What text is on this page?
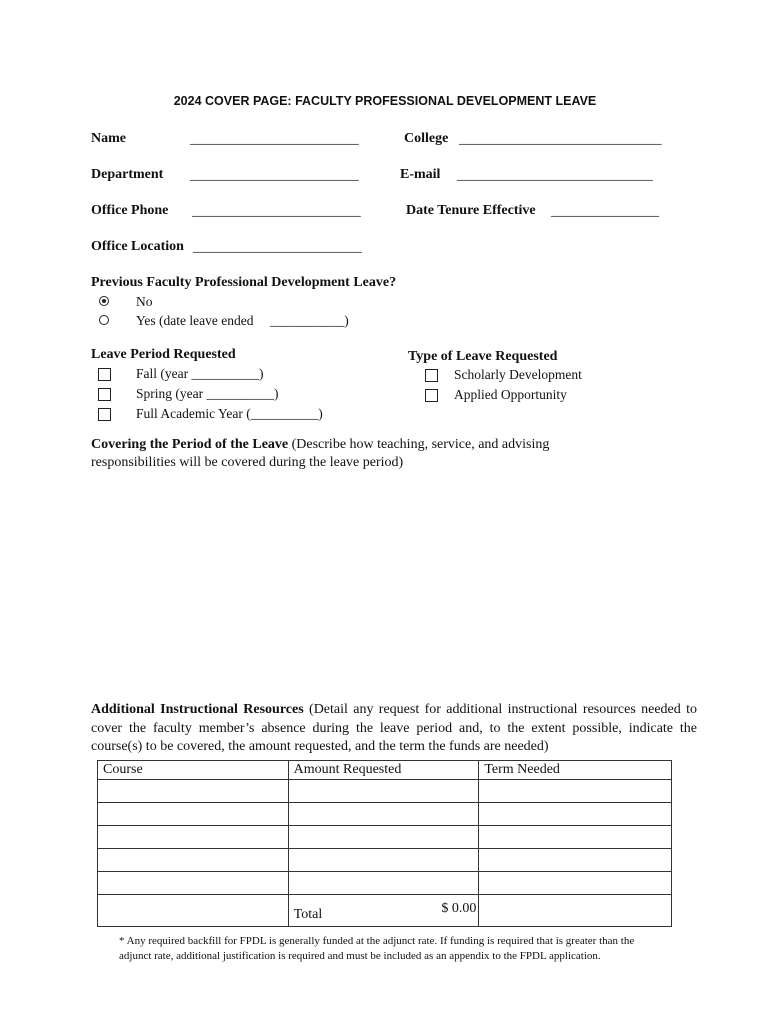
2024 COVER PAGE: FACULTY PROFESSIONAL DEVELOPMENT LEAVE
Name	_________________________	College ______________________________
Department _________________________	E-mail _____________________________
Office Phone _________________________	Date Tenure Effective ________________
Office Location _________________________
Previous Faculty Professional Development Leave?
No
Yes (date leave ended ___________)
Leave Period Requested
Fall (year __________)
Spring (year __________)
Full Academic Year (__________)
Type of Leave Requested
Scholarly Development
Applied Opportunity
Covering the Period of the Leave (Describe how teaching, service, and advising
responsibilities will be covered during the leave period)
Additional Instructional Resources (Detail any request for additional instructional resources needed to cover the faculty member’s absence during the leave period and, to the extent possible, indicate the course(s) to be covered, the amount requested, and the term the funds are needed)
Course	Amount Requested	Term Needed

	Total $ 0.00	

* Any required backfill for FPDL is generally funded at the adjunct rate. If funding is required that is greater than the
adjunct rate, additional justification is required and must be included as an appendix to the FPDL application.
